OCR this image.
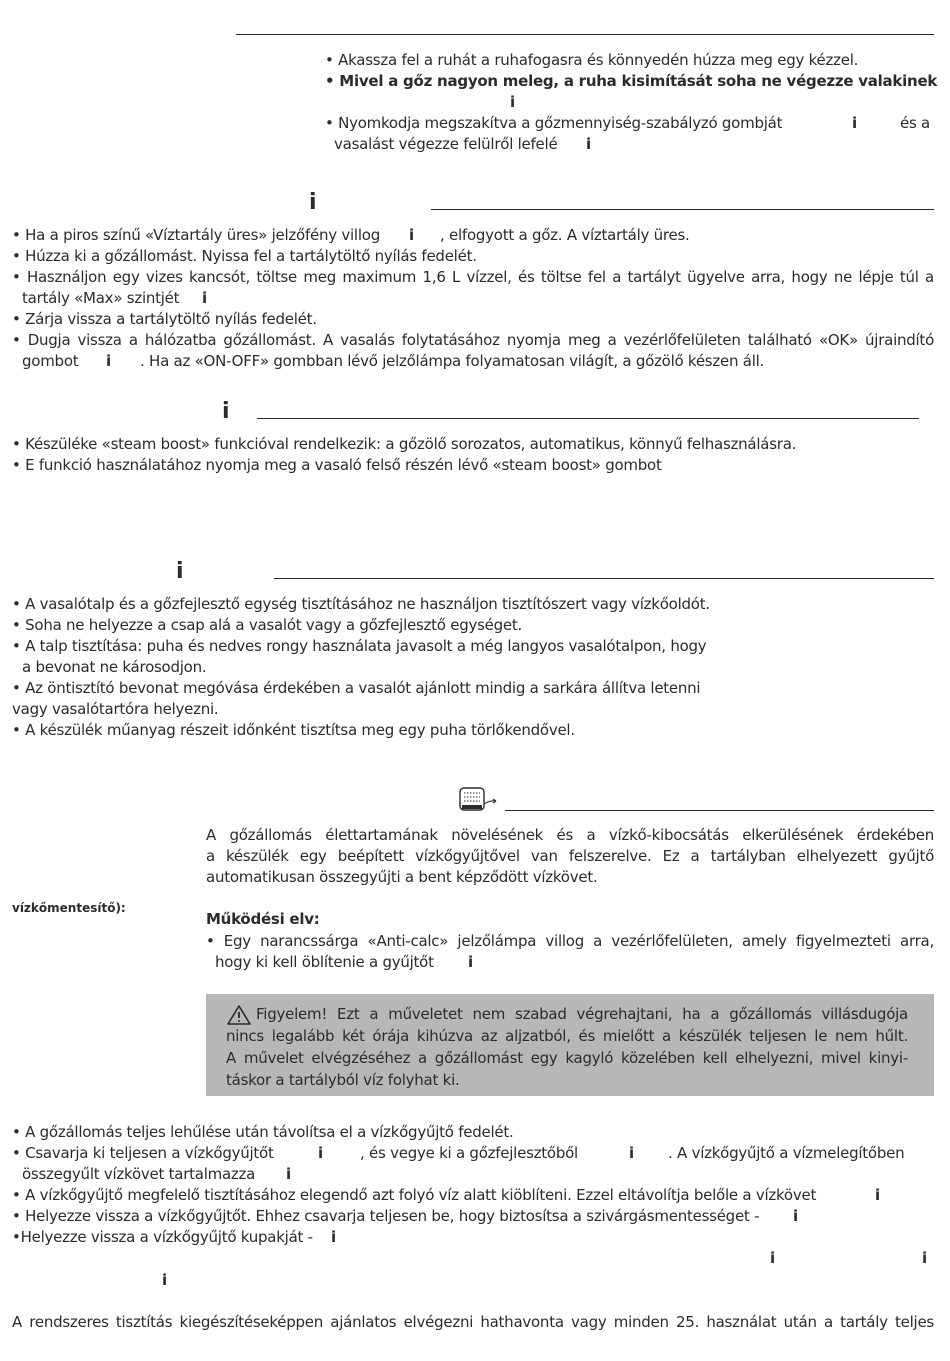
• Akassza fel a ruhát a ruhafogasra és könnyedén húzza meg egy kézzel.
• Mivel a gőz nagyon meleg, a ruha kisimítását soha ne végezze valakinek
i
• Nyomkodja megszakítva a gőzmennyiség-szabályzó gombját	i	és a
vasalást végezze felülről lefelé i
i
• Ha a piros színű «Víztartály üres» jelzőfény villog i , elfogyott a gőz. A víztartály üres.
• Húzza ki a gőzállomást. Nyissa fel a tartálytöltő nyílás fedelét.
• Használjon egy vizes kancsót, töltse meg maximum 1,6 L vízzel, és töltse fel a tartályt ügyelve arra, hogy ne lépje túl a
tartály «Max» szintjét i
• Zárja vissza a tartálytöltő nyílás fedelét.
• Dugja vissza a hálózatba gőzállomást. A vasalás folytatásához nyomja meg a vezérlőfelületen található «OK» újraindító
gombot i . Ha az «ON-OFF» gombban lévő jelzőlámpa folyamatosan világít, a gőzölő készen áll.
i
• Készüléke «steam boost» funkcióval rendelkezik: a gőzölő sorozatos, automatikus, könnyű felhasználásra.
• E funkció használatához nyomja meg a vasaló felső részén lévő «steam boost» gombot
i
• A vasalótalp és a gőzfejlesztő egység tisztításához ne használjon tisztítószert vagy vízkőoldót.
• Soha ne helyezze a csap alá a vasalót vagy a gőzfejlesztő egységet.
• A talp tisztítása: puha és nedves rongy használata javasolt a még langyos vasalótalpon, hogy
a bevonat ne károsodjon.
• Az öntisztító bevonat megóvása érdekében a vasalót ajánlott mindig a sarkára állítva letenni
vagy vasalótartóra helyezni.
• A készülék műanyag részeit időnként tisztítsa meg egy puha törlőkendővel.
A gőzállomás élettartamának növelésének és a vízkő-kibocsátás elkerülésének érdekében
a készülék egy beépített vízkőgyűjtővel van felszerelve. Ez a tartályban elhelyezett gyűjtő
automatikusan összegyűjti a bent képződött vízkövet.
vízkőmentesítő):
Működési elv:
• Egy narancssárga «Anti-calc» jelzőlámpa villog a vezérlőfelületen, amely figyelmezteti arra,
hogy ki kell öblítenie a gyűjtőt i
Figyelem! Ezt a műveletet nem szabad végrehajtani, ha a gőzállomás villásdugója
nincs legalább két órája kihúzva az aljzatból, és mielőtt a készülék teljesen le nem hűlt.
A művelet elvégzéséhez a gőzállomást egy kagyló közelében kell elhelyezni, mivel kinyi-
táskor a tartályból víz folyhat ki.
• A gőzállomás teljes lehűlése után távolítsa el a vízkőgyűjtő fedelét.
• Csavarja ki teljesen a vízkőgyűjtőt	i , és vegye ki a gőzfejlesztőből	i . A vízkőgyűjtő a vízmelegítőben
összegyűlt vízkövet tartalmazza i
• A vízkőgyűjtő megfelelő tisztításához elegendő azt folyó víz alatt kiöblíteni. Ezzel eltávolítja belőle a vízkövet	i
• Helyezze vissza a vízkőgyűjtőt. Ehhez csavarja teljesen be, hogy biztosítsa a szivárgásmentességet - i
•Helyezze vissza a vízkőgyűjtő kupakját - i
i	i
i
A rendszeres tisztítás kiegészítéseképpen ajánlatos elvégezni hathavonta vagy minden 25. használat után a tartály teljes
